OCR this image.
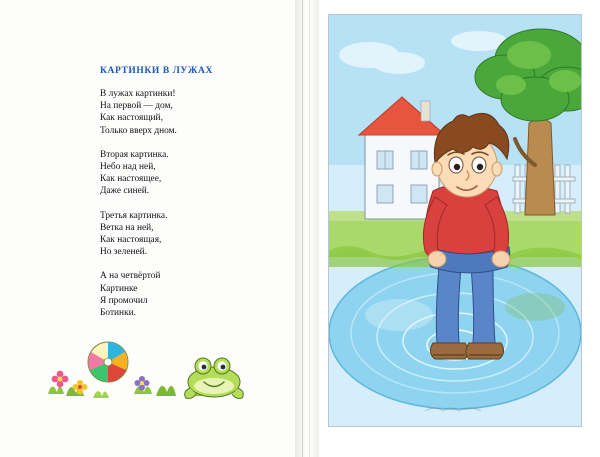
КАРТИНКИ В ЛУЖАХ
В лужах картинки!
На первой — дом,
Как настоящий,
Только вверх дном.
Вторая картинка.
Небо над ней,
Как настоящее,
Даже синей.
Третья картинка.
Ветка на ней,
Как настоящая,
Но зеленей.
А на четвёртой
Картинке
Я промочил
Ботинки.
